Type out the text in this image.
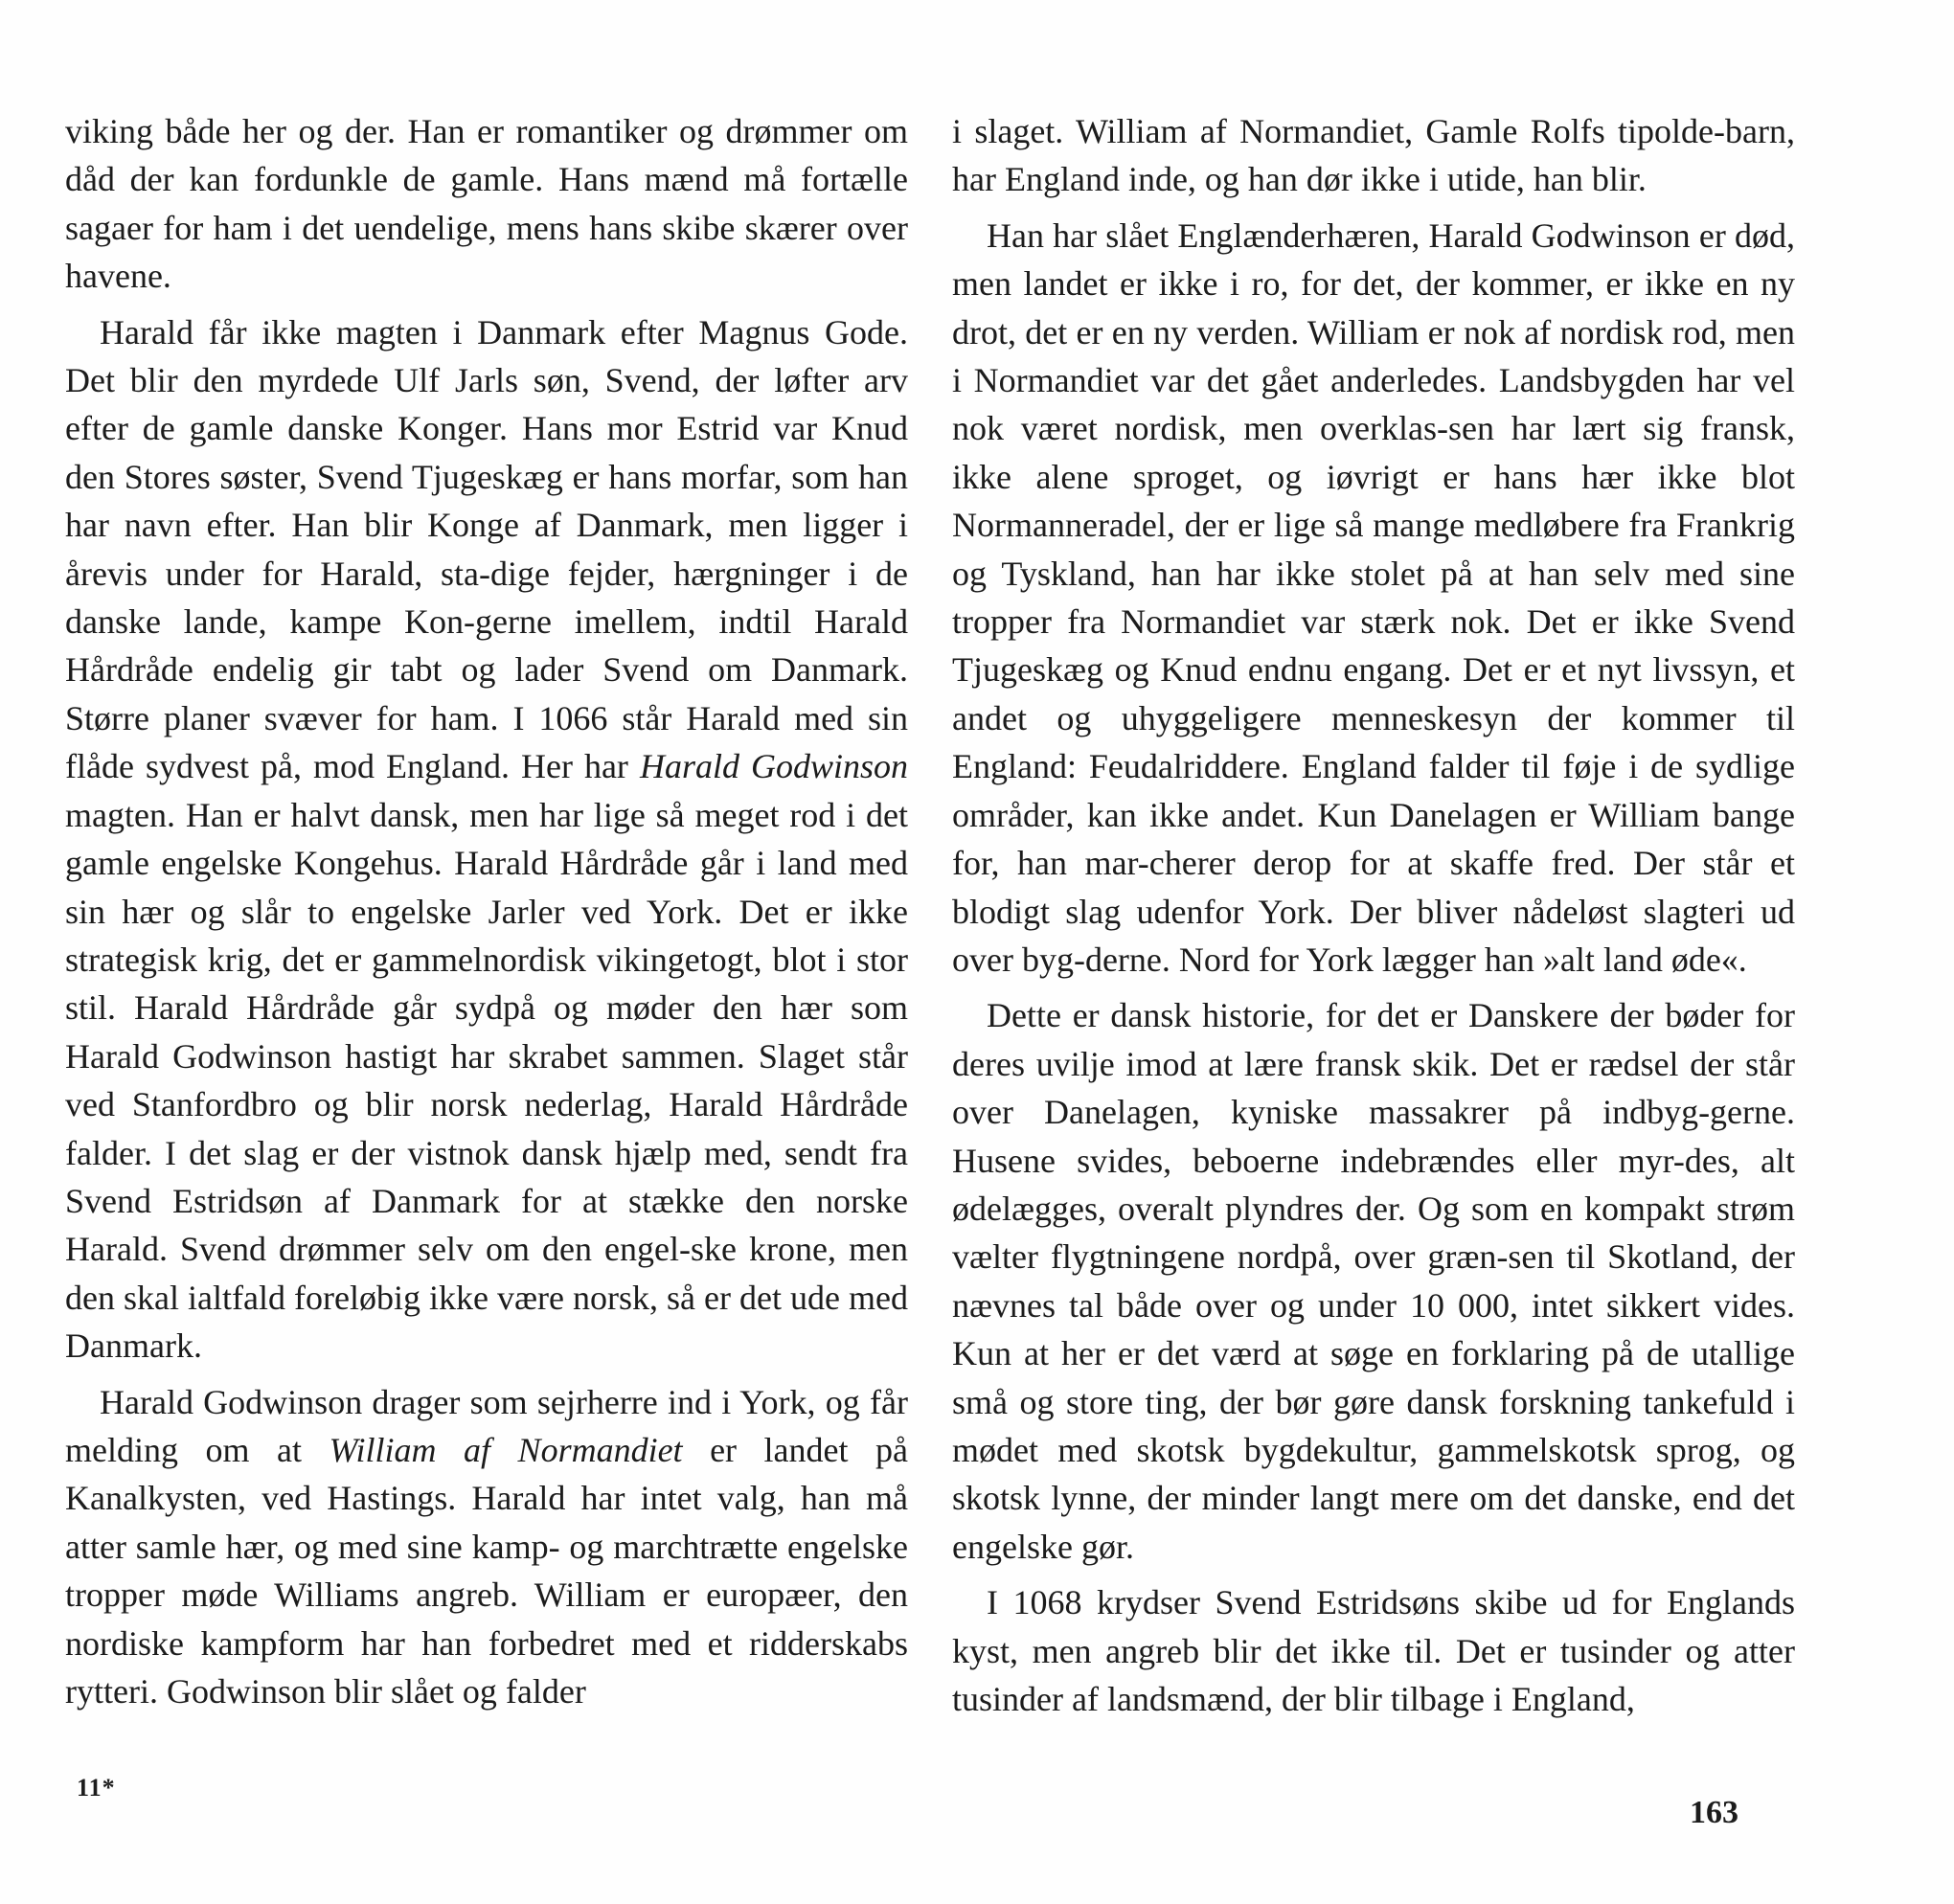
viking både her og der. Han er romantiker og drømmer om dåd der kan fordunkle de gamle. Hans mænd må fortælle sagaer for ham i det uendelige, mens hans skibe skærer over havene.

Harald får ikke magten i Danmark efter Magnus Gode. Det blir den myrdede Ulf Jarls søn, Svend, der løfter arv efter de gamle danske Konger. Hans mor Estrid var Knud den Stores søster, Svend Tjugeskæg er hans morfar, som han har navn efter. Han blir Konge af Danmark, men ligger i årevis under for Harald, sta-dige fejder, hærgninger i de danske lande, kampe Kon-gerne imellem, indtil Harald Hårdråde endelig gir tabt og lader Svend om Danmark. Større planer svæver for ham. I 1066 står Harald med sin flåde sydvest på, mod England. Her har Harald Godwinson magten. Han er halvt dansk, men har lige så meget rod i det gamle engelske Kongehus. Harald Hårdråde går i land med sin hær og slår to engelske Jarler ved York. Det er ikke strategisk krig, det er gammelnordisk vikingetogt, blot i stor stil. Harald Hårdråde går sydpå og møder den hær som Harald Godwinson hastigt har skrabet sammen. Slaget står ved Stanfordbro og blir norsk nederlag, Harald Hårdråde falder. I det slag er der vistnok dansk hjælp med, sendt fra Svend Estridsøn af Danmark for at stække den norske Harald. Svend drømmer selv om den engel-ske krone, men den skal ialtfald foreløbig ikke være norsk, så er det ude med Danmark.

Harald Godwinson drager som sejrherre ind i York, og får melding om at William af Normandiet er landet på Kanalkysten, ved Hastings. Harald har intet valg, han må atter samle hær, og med sine kamp- og marchtrætte engelske tropper møde Williams angreb. William er europæer, den nordiske kampform har han forbedret med et ridderskabs rytteri. Godwinson blir slået og falder

i slaget. William af Normandiet, Gamle Rolfs tipolde-barn, har England inde, og han dør ikke i utide, han blir.

Han har slået Englænderhæren, Harald Godwinson er død, men landet er ikke i ro, for det, der kommer, er ikke en ny drot, det er en ny verden. William er nok af nordisk rod, men i Normandiet var det gået anderledes. Landsbygden har vel nok været nordisk, men overklas-sen har lært sig fransk, ikke alene sproget, og iøvrigt er hans hær ikke blot Normanneradel, der er lige så mange medløbere fra Frankrig og Tyskland, han har ikke stolet på at han selv med sine tropper fra Normandiet var stærk nok. Det er ikke Svend Tjugeskæg og Knud endnu engang. Det er et nyt livssyn, et andet og uhyggeligere menneskesyn der kommer til England: Feudalriddere. England falder til føje i de sydlige områder, kan ikke andet. Kun Danelagen er William bange for, han mar-cherer derop for at skaffe fred. Der står et blodigt slag udenfor York. Der bliver nådeløst slagteri ud over byg-derne. Nord for York lægger han »alt land øde«.

Dette er dansk historie, for det er Danskere der bøder for deres uvilje imod at lære fransk skik. Det er rædsel der står over Danelagen, kyniske massakrer på indbyg-gerne. Husene svides, beboerne indebrændes eller myr-des, alt ødelægges, overalt plyndres der. Og som en kompakt strøm vælter flygtningene nordpå, over græn-sen til Skotland, der nævnes tal både over og under 10 000, intet sikkert vides. Kun at her er det værd at søge en forklaring på de utallige små og store ting, der bør gøre dansk forskning tankefuld i mødet med skotsk bygdekultur, gammelskotsk sprog, og skotsk lynne, der minder langt mere om det danske, end det engelske gør.

I 1068 krydser Svend Estridsøns skibe ud for Englands kyst, men angreb blir det ikke til. Det er tusinder og atter tusinder af landsmænd, der blir tilbage i England,

11*
163
